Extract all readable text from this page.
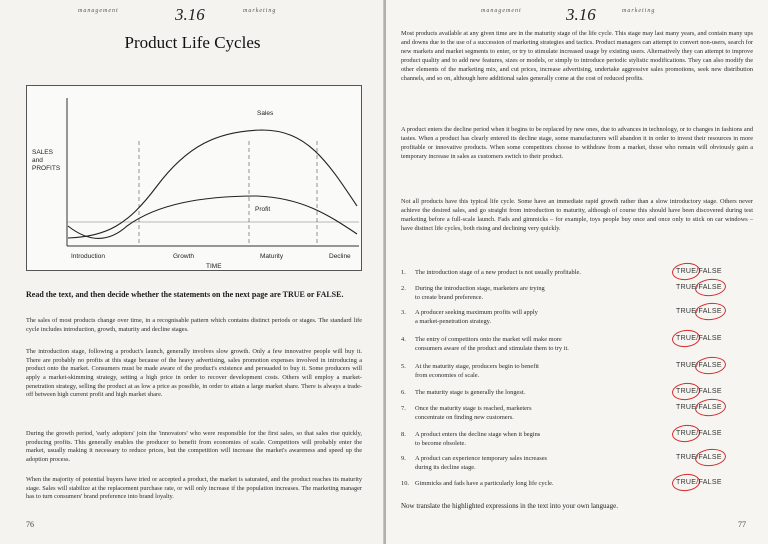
management	3.16	marketing
Product Life Cycles
SALES
and
PROFITS
Sales
Profit
Introduction	Growth	Maturity	Decline
TIME
Read the text, and then decide whether the statements on the next page are TRUE or FALSE.

The sales of most products change over time, in a recognisable pattern which contains distinct periods or stages. The standard life cycle includes introduction, growth, maturity and decline stages.

The introduction stage, following a product's launch, generally involves slow growth. Only a few innovative people will buy it. There are probably no profits at this stage because of the heavy advertising, sales promotion expenses involved in introducing a product onto the market. Consumers must be made aware of the product's existence and persuaded to buy it. Some producers will apply a market-skimming strategy, setting a high price in order to recover development costs. Others will employ a market-penetration strategy, selling the product at as low a price as possible, in order to attain a large market share. There is always a trade-off between high current profit and high market share.

During the growth period, 'early adopters' join the 'innovators' who were responsible for the first sales, so that sales rise quickly, producing profits. This generally enables the producer to benefit from economies of scale. Competitors will probably enter the market, usually making it necessary to reduce prices, but the competition will increase the market's awareness and speed up the adoption process.

When the majority of potential buyers have tried or accepted a product, the market is saturated, and the product reaches its maturity stage. Sales will stabilize at the replacement purchase rate, or will only increase if the population increases. The marketing manager has to turn consumers' brand preference into brand loyalty.

76
management	3.16	marketing

Most products available at any given time are in the maturity stage of the life cycle. This stage may last many years, and contain many ups and downs due to the use of a succession of marketing strategies and tactics. Product managers can attempt to convert non-users, search for new markets and market segments to enter, or try to stimulate increased usage by existing users. Alternatively they can attempt to improve product quality and to add new features, sizes or models, or simply to introduce periodic stylistic modifications. They can also modify the other elements of the marketing mix, and cut prices, increase advertising, undertake aggressive sales promotions, seek new distribution channels, and so on, although here additional sales generally come at the cost of reduced profits.

A product enters the decline period when it begins to be replaced by new ones, due to advances in technology, or to changes in fashions and tastes. When a product has clearly entered its decline stage, some manufacturers will abandon it in order to invest their resources in more profitable or innovative products. When some competitors choose to withdraw from a market, those who remain will obviously gain a temporary increase in sales as customers switch to their product.

Not all products have this typical life cycle. Some have an immediate rapid growth rather than a slow introductory stage. Others never achieve the desired sales, and go straight from introduction to maturity, although of course this should have been discovered during test marketing before a full-scale launch. Fads and gimmicks – for example, toys people buy once and once only to stick on car windows – have distinct life cycles, both rising and declining very quickly.

1. The introduction stage of a new product is not usually profitable.	TRUE/FALSE
2. During the introduction stage, marketers are trying
to create brand preference.
TRUE/FALSE
3. A producer seeking maximum profits will apply
a market-penetration strategy.
TRUE/FALSE
4. The entry of competitors onto the market will make more
consumers aware of the product and stimulate them to try it.
TRUE/FALSE
5. At the maturity stage, producers begin to benefit
from economies of scale.
TRUE/FALSE
6. The maturity stage is generally the longest.	TRUE/FALSE
7. Once the maturity stage is reached, marketers
concentrate on finding new customers.
TRUE/FALSE
8. A product enters the decline stage when it begins
to become obsolete.
TRUE/FALSE
9. A product can experience temporary sales increases
during its decline stage.
TRUE/FALSE
10. Gimmicks and fads have a particularly long life cycle.	TRUE/FALSE
Now translate the highlighted expressions in the text into your own language.
77
